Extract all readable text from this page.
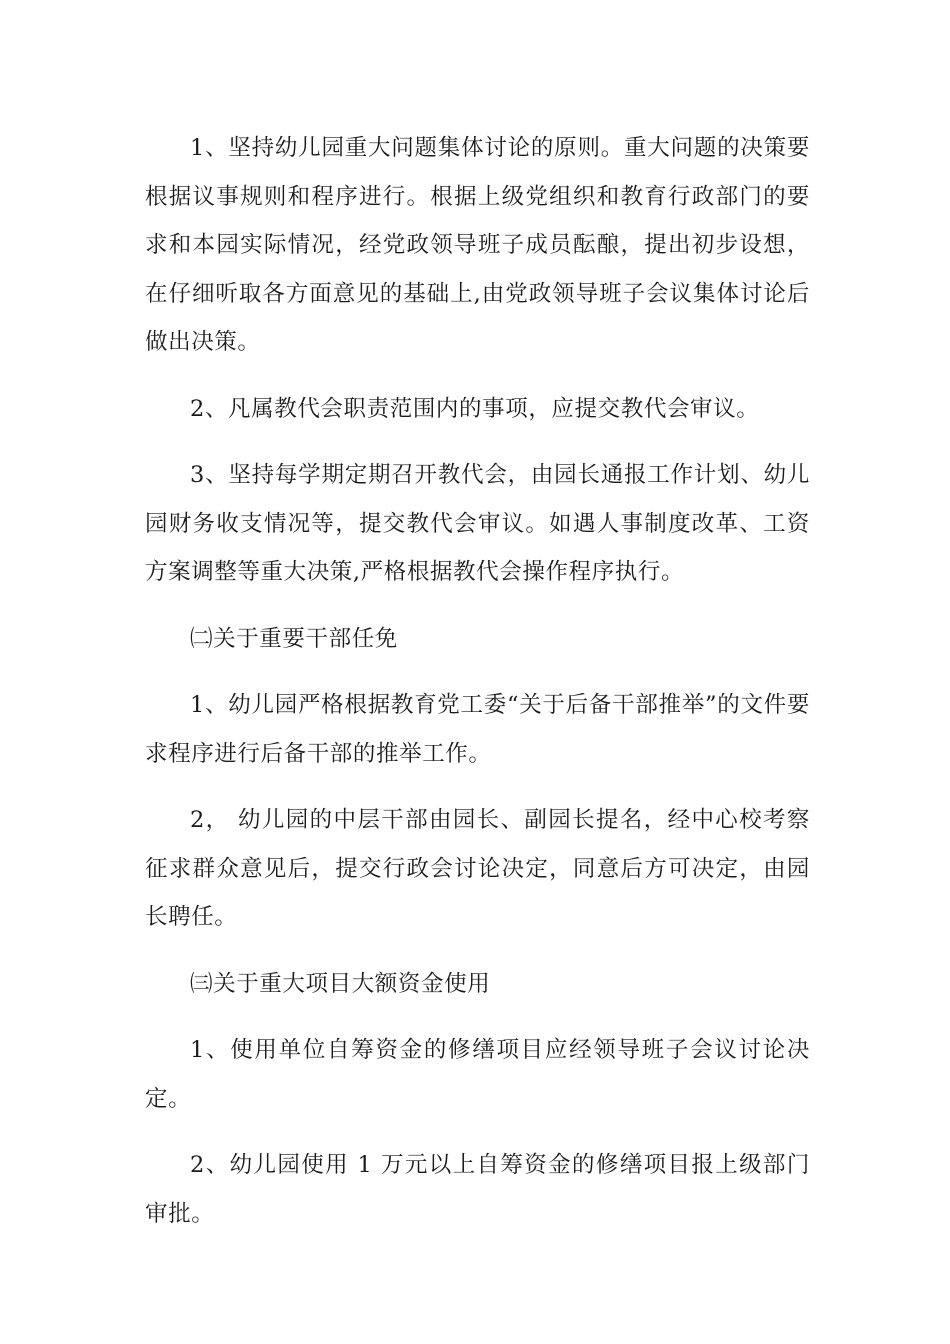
1、坚持幼儿园重大问题集体讨论的原则。重大问题的决策要根据议事规则和程序进行。根据上级党组织和教育行政部门的要求和本园实际情况，经党政领导班子成员酝酿，提出初步设想，在仔细听取各方面意见的基础上,由党政领导班子会议集体讨论后做出决策。

2、凡属教代会职责范围内的事项，应提交教代会审议。

3、坚持每学期定期召开教代会，由园长通报工作计划、幼儿园财务收支情况等，提交教代会审议。如遇人事制度改革、工资方案调整等重大决策,严格根据教代会操作程序执行。

㈡关于重要干部任免

1、幼儿园严格根据教育党工委“关于后备干部推举”的文件要求程序进行后备干部的推举工作。

2， 幼儿园的中层干部由园长、副园长提名，经中心校考察征求群众意见后，提交行政会讨论决定，同意后方可决定，由园长聘任。

㈢关于重大项目大额资金使用

1、使用单位自筹资金的修缮项目应经领导班子会议讨论决定。

2、幼儿园使用 1 万元以上自筹资金的修缮项目报上级部门审批。
